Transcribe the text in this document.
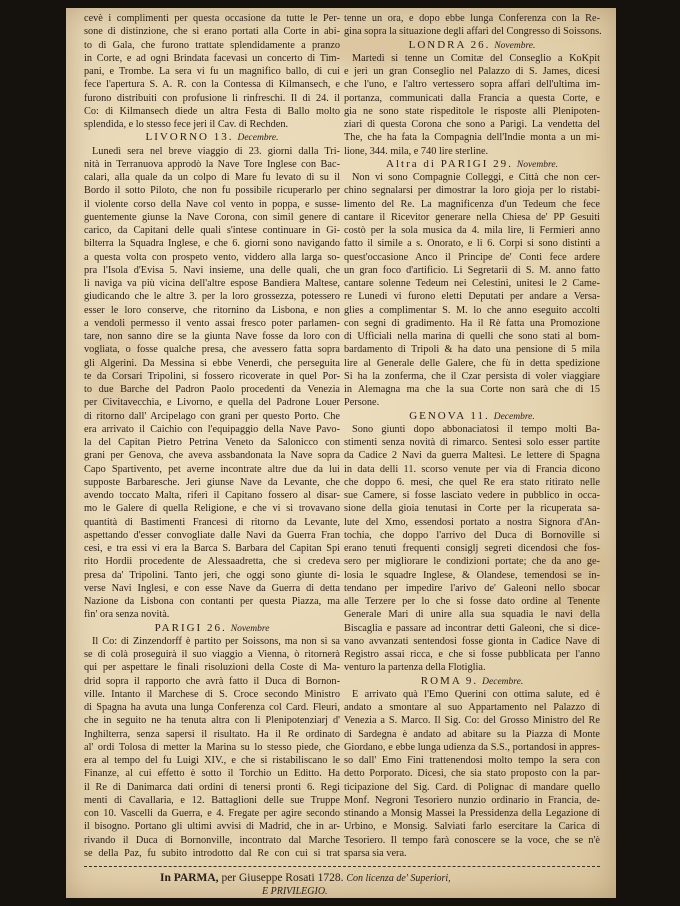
cevè i complimenti per questa occasione da tutte le Per-
sone di distinzione, che si erano portati alla Corte in abi-
to di Gala, che furono trattate splendidamente a pranzo
in Corte, e ad ogni Brindata facevasi un concerto di Tim-
pani, e Trombe. La sera vi fu un magnifico ballo, di cui
fece l'apertura S. A. R. con la Contessa di Kilmansech, e
furono distribuiti con profusione li rinfreschi. Il dì 24. il
Co: di Kilmansech diede un altra Festa di Ballo molto
splendida, e lo stesso fece jeri il Cav. di Rechden.
LIVORNO 13. Decembre.
Lunedì sera nel breve viaggio di 23. giorni dalla Tri-
nità in Terranuova approdò la Nave Tore Inglese con Bac-
calari, alla quale da un colpo di Mare fu levato di su il
Bordo il sotto Piloto, che non fu possibile ricuperarlo per
il violente corso della Nave col vento in poppa, e susse-
guentemente giunse la Nave Corona, con simil genere di
carico, da Capitani delle quali s'intese continuare in Gi-
bilterra la Squadra Inglese, e che 6. giorni sono navigando
a questa volta con prospeto vento, viddero alla larga so-
pra l'Isola d'Evisa 5. Navi insieme, una delle quali, che
li naviga va più vicina dell'altre espose Bandiera Maltese,
giudicando che le altre 3. per la loro grossezza, potessero
esser le loro conserve, che ritornino da Lisbona, e non
a vendoli permesso il vento assai fresco poter parlamen-
tare, non sanno dire se la giunta Nave fosse da loro con
vogliata, o fosse qualche presa, che avessero fatta sopra
gli Algerini. Da Messina si ebbe Venerdì, che perseguita
te da Corsari Tripolini, si fossero ricoverate in quel Por-
to due Barche del Padron Paolo procedenti da Venezia
per Civitavecchia, e Livorno, e quella del Padrone Louer
di ritorno dall' Arcipelago con grani per questo Porto. Che
era arrivato il Caichio con l'equipaggio della Nave Pavo-
la del Capitan Pietro Petrina Veneto da Salonicco con
grani per Genova, che aveva assbandonata la Nave sopra
Capo Spartivento, pet averne incontrate altre due da lui
supposte Barbaresche. Jeri giunse Nave da Levante, che
avendo toccato Malta, riferì il Capitano fossero al disar-
mo le Galere di quella Religione, e che vi si trovavano
quantità di Bastimenti Francesi di ritorno da Levante,
aspettando d'esser convogliate dalle Navi da Guerra Fran
cesi, e tra essi vi era la Barca S. Barbara del Capitan Spi
rito Hordii procedente de Alessaadretta, che si credeva
presa da' Tripolini. Tanto jeri, che oggi sono giunte di-
verse Navi Inglesi, e con esse Nave da Guerra di detta
Nazione da Lisbona con contanti per questa Piazza, ma
fin' ora senza novità.
PARIGI 26. Novembre
Il Co: di Zinzendorff è partito per Soissons, ma non si sa
se di colà proseguirà il suo viaggio a Vienna, ò ritornerà
qui per aspettare le finali risoluzioni della Coste di Ma-
drid sopra il rapporto che avrà fatto il Duca di Bornon-
ville. Intanto il Marchese di S. Croce secondo Ministro
di Spagna ha avuta una lunga Conferenza col Card. Fleuri,
che in seguito ne ha tenuta altra con li Plenipotenziarj d'
Inghilterra, senza sapersi il risultato. Ha il Re ordinato
al' ordi Tolosa di metter la Marina su lo stesso piede, che
era al tempo del fu Luigi XIV., e che si ristabiliscano le
Finanze, al cui effetto è sotto il Torchio un Editto. Ha
il Re di Danimarca dati ordini di tenersi pronti 6. Regi
menti di Cavallaria, e 12. Battaglioni delle sue Truppe
con 10. Vascelli da Guerra, e 4. Fregate per agire secondo
il bisogno. Portano gli ultimi avvisi di Madrid, che in ar-
rivando il Duca di Bornonville, incontrato dal Marche
se della Paz, fu subito introdotto dal Re con cui si trat
tenne un ora, e dopo ebbe lunga Conferenza con la Re-
gina sopra la situazione degli affari del Congresso di Soissons.
LONDRA 26. Novembre.
Martedì si tenne un Comitæ del Conseglio a KoKpit
e jeri un gran Conseglio nel Palazzo di S. James, dicesi
che l'uno, e l'altro vertessero sopra affari dell'ultima im-
portanza, communicati dalla Francia a questa Corte, e
gia ne sono state rispeditole le risposte alli Plenipoten-
ziari di questa Corona che sono a Parigi. La vendetta del
The, che ha fata la Compagnia dell'Indie monta a un mi-
lione, 344. mila, e 740 lire sterline.
Altra di PARIGI 29. Novembre.
Non vi sono Compagnie Colleggi, e Città che non cer-
chino segnalarsi per dimostrar la loro gioja per lo ristabi-
limento del Re. La magnificenza d'un Tedeum che fece
cantare il Ricevitor generare nella Chiesa de' PP Gesuiti
costò per la sola musica da 4. mila lire, li Fermieri anno
fatto il simile a s. Onorato, e li 6. Corpi si sono distinti a
quest'occasione Anco il Principe de' Conti fece ardere
un gran foco d'artificio. Li Segretarii di S. M. anno fatto
cantare solenne Tedeum nei Celestini, unitesi le 2 Came-
re Lunedi vi furono eletti Deputati per andare a Versa-
glies a complimentar S. M. lo che anno eseguito accolti
con segni di gradimento. Ha il Rè fatta una Promozione
di Ufficiali nella marina di quelli che sono stati al bom-
bardamento di Tripoli & ha dato una pensione di 5 mila
lire al Generale delle Galere, che fù in detta spedizione
Si ha la zonferma, che il Czar persista di voler viaggiare
in Alemagna ma che la sua Corte non sarà che di 15
Persone.
GENOVA 11. Decembre.
Sono giunti dopo abbonaciatosi il tempo molti Ba-
stimenti senza novità di rimarco. Sentesi solo esser partite
da Cadice 2 Navi da guerra Maltesi. Le lettere di Spagna
in data delli 11. scorso venute per via di Francia dicono
che doppo 6. mesi, che quel Re era stato ritirato nelle
sue Camere, si fosse lasciato vedere in pubblico in occa-
sione della gioia tenutasi in Corte per la ricuperata sa-
lute del Xmo, essendosi portato a nostra Signora d'An-
tochia, che doppo l'arrivo del Duca di Bornoville si
erano tenuti frequenti consiglj segreti dicendosi che fos-
sero per migliorare le condizioni portate; che da ano ge-
losia le squadre Inglese, & Olandese, temendosi se in-
tendano per impedire l'arivo de' Galeoni nello sbocar
alle Terzere per lo che si fosse dato ordine al Tenente
Generale Mari di unire alla sua squadia le navi della
Biscaglia e passare ad incontrar detti Galeoni, che si dice-
vano avvanzati sentendosi fosse gionta in Cadice Nave di
Registro assai ricca, e che si fosse pubblicata per l'anno
venturo la partenza della Flotiglia.
ROMA 9. Decembre.
E arrivato quà l'Emo Querini con ottima salute, ed è
andato a smontare al suo Appartamento nel Palazzo di
Venezia a S. Marco. Il Sig. Co: del Grosso Ministro del Re
di Sardegna è andato ad abitare su la Piazza di Monte
Giordano, e ebbe lunga udienza da S.S., portandosi in appres-
so dall' Emo Fini trattenendosi molto tempo la sera con
detto Porporato. Dicesi, che sia stato proposto con la par-
ticipazione del Sig. Card. di Polignac di mandare quello
Monf. Negroni Tesoriero nunzio ordinario in Francia, de-
stinando a Monsig Massei la Pressidenza della Legazione di
Urbino, e Monsig. Salviati farlo esercitare la Carica di
Tesoriero. Il tempo farà conoscere se la voce, che se n'è
sparsa sia vera.
In PARMA, per Giuseppe Rosati 1728. Con licenza de' Superiori,
E PRIVILEGIO.
